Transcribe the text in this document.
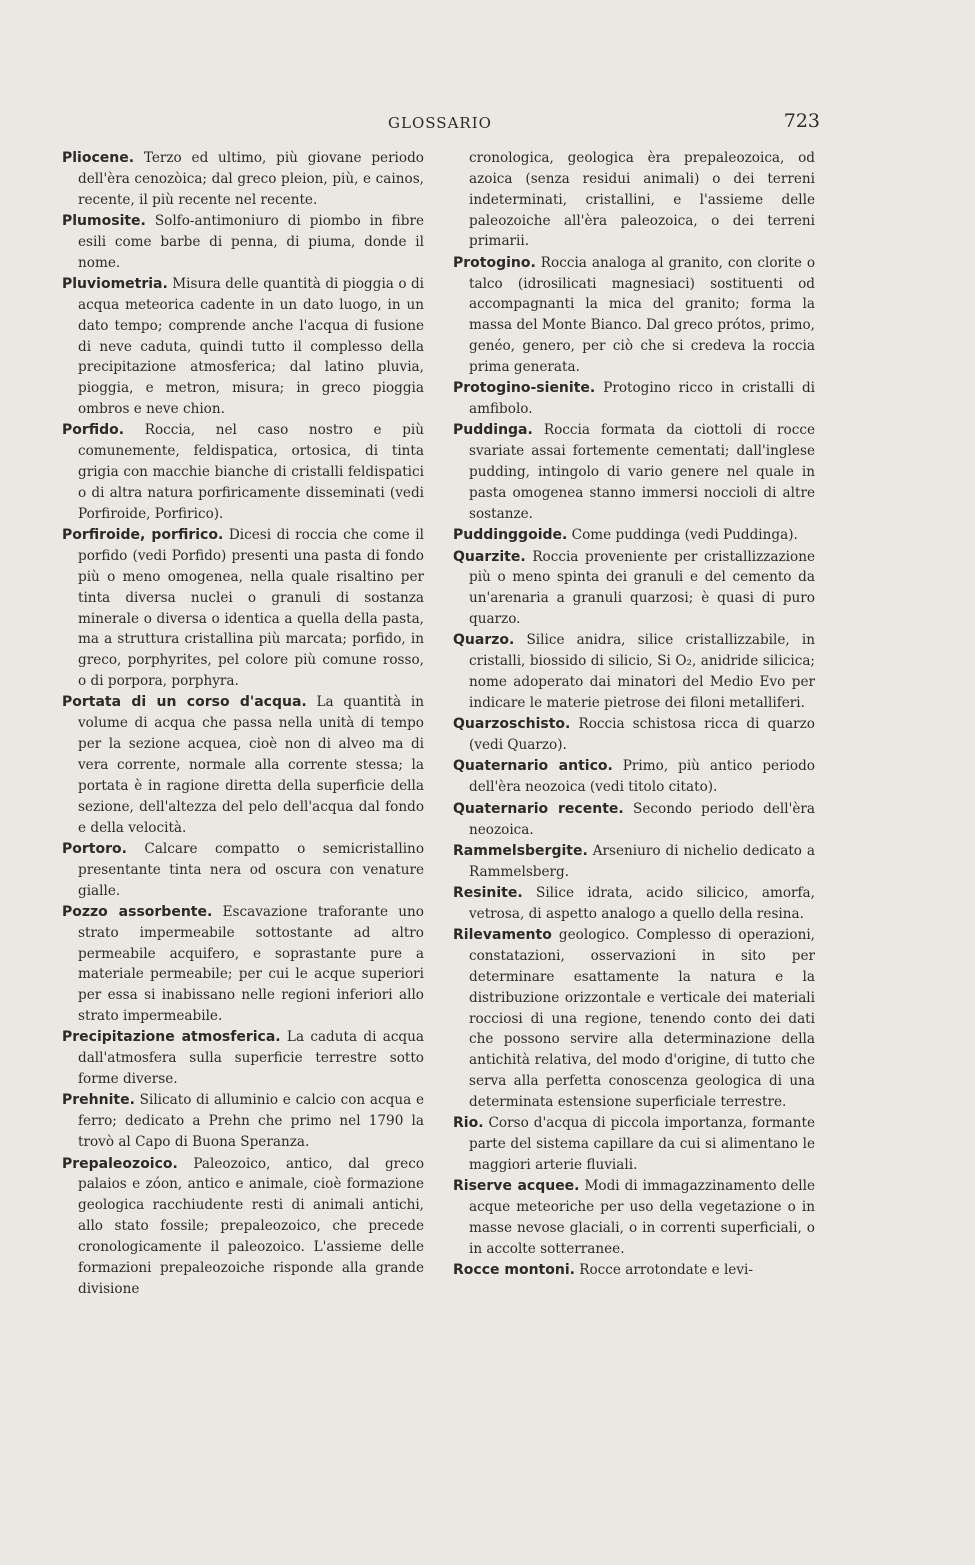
GLOSSARIO	723

Pliocene. Terzo ed ultimo, più giovane periodo dell'èra cenozòica; dal greco pleion, più, e cainos, recente, il più recente nel recente.

Plumosite. Solfo-antimoniuro di piombo in fibre esili come barbe di penna, di piuma, donde il nome.

Pluviometria. Misura delle quantità di pioggia o di acqua meteorica cadente in un dato luogo, in un dato tempo; comprende anche l'acqua di fusione di neve caduta, quindi tutto il complesso della precipitazione atmosferica; dal latino pluvia, pioggia, e metron, misura; in greco pioggia ombros e neve chion.

Porfido. Roccia, nel caso nostro e più comunemente, feldispatica, ortosica, di tinta grigia con macchie bianche di cristalli feldispatici o di altra natura porfiricamente disseminati (vedi Porfiroide, Porfirico).

Porfiroide, porfirico. Dicesi di roccia che come il porfido (vedi Porfido) presenti una pasta di fondo più o meno omogenea, nella quale risaltino per tinta diversa nuclei o granuli di sostanza minerale o diversa o identica a quella della pasta, ma a struttura cristallina più marcata; porfido, in greco, porphyrites, pel colore più comune rosso, o di porpora, porphyra.

Portata di un corso d'acqua. La quantità in volume di acqua che passa nella unità di tempo per la sezione acquea, cioè non di alveo ma di vera corrente, normale alla corrente stessa; la portata è in ragione diretta della superficie della sezione, dell'altezza del pelo dell'acqua dal fondo e della velocità.

Portoro. Calcare compatto o semicristallino presentante tinta nera od oscura con venature gialle.

Pozzo assorbente. Escavazione traforante uno strato impermeabile sottostante ad altro permeabile acquifero, e soprastante pure a materiale permeabile; per cui le acque superiori per essa si inabissano nelle regioni inferiori allo strato impermeabile.

Precipitazione atmosferica. La caduta di acqua dall'atmosfera sulla superficie terrestre sotto forme diverse.

Prehnite. Silicato di alluminio e calcio con acqua e ferro; dedicato a Prehn che primo nel 1790 la trovò al Capo di Buona Speranza.

Prepaleozoico. Paleozoico, antico, dal greco palaios e zóon, antico e animale, cioè formazione geologica racchiudente resti di animali antichi, allo stato fossile; prepaleozoico, che precede cronologicamente il paleozoico. L'assieme delle formazioni prepaleozoiche risponde alla grande divisione

cronologica, geologica èra prepaleozoica, od azoica (senza residui animali) o dei terreni indeterminati, cristallini, e l'assieme delle paleozoiche all'èra paleozoica, o dei terreni primarii.

Protogino. Roccia analoga al granito, con clorite o talco (idrosilicati magnesiaci) sostituenti od accompagnanti la mica del granito; forma la massa del Monte Bianco. Dal greco prótos, primo, genéo, genero, per ciò che si credeva la roccia prima generata.

Protogino-sienite. Protogino ricco in cristalli di amfibolo.

Puddinga. Roccia formata da ciottoli di rocce svariate assai fortemente cementati; dall'inglese pudding, intingolo di vario genere nel quale in pasta omogenea stanno immersi noccioli di altre sostanze.

Puddinggoide. Come puddinga (vedi Puddinga).

Quarzite. Roccia proveniente per cristallizzazione più o meno spinta dei granuli e del cemento da un'arenaria a granuli quarzosi; è quasi di puro quarzo.

Quarzo. Silice anidra, silice cristallizzabile, in cristalli, biossido di silicio, Si O₂, anidride silicica; nome adoperato dai minatori del Medio Evo per indicare le materie pietrose dei filoni metalliferi.

Quarzoschisto. Roccia schistosa ricca di quarzo (vedi Quarzo).

Quaternario antico. Primo, più antico periodo dell'èra neozoica (vedi titolo citato).

Quaternario recente. Secondo periodo dell'èra neozoica.

Rammelsbergite. Arseniuro di nichelio dedicato a Rammelsberg.

Resinite. Silice idrata, acido silicico, amorfa, vetrosa, di aspetto analogo a quello della resina.

Rilevamento geologico. Complesso di operazioni, constatazioni, osservazioni in sito per determinare esattamente la natura e la distribuzione orizzontale e verticale dei materiali rocciosi di una regione, tenendo conto dei dati che possono servire alla determinazione della antichità relativa, del modo d'origine, di tutto che serva alla perfetta conoscenza geologica di una determinata estensione superficiale terrestre.

Rio. Corso d'acqua di piccola importanza, formante parte del sistema capillare da cui si alimentano le maggiori arterie fluviali.

Riserve acquee. Modi di immagazzinamento delle acque meteoriche per uso della vegetazione o in masse nevose glaciali, o in correnti superficiali, o in accolte sotterranee.

Rocce montoni. Rocce arrotondate e levi-
